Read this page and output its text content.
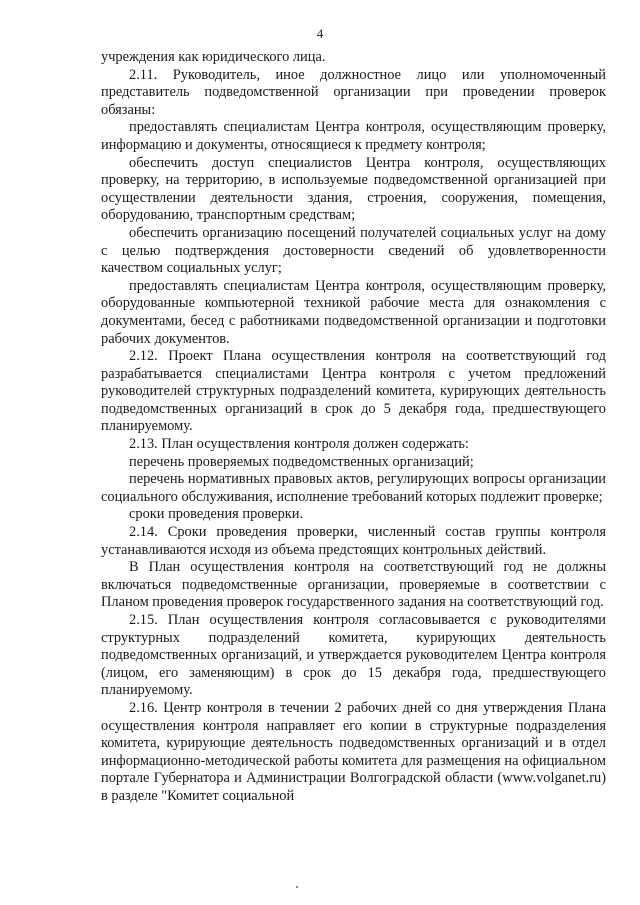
4

учреждения как юридического лица.

2.11. Руководитель, иное должностное лицо или уполномоченный представитель подведомственной организации при проведении проверок обязаны:

предоставлять специалистам Центра контроля, осуществляющим проверку, информацию и документы, относящиеся к предмету контроля;

обеспечить доступ специалистов Центра контроля, осуществляющих проверку, на территорию, в используемые подведомственной организацией при осуществлении деятельности здания, строения, сооружения, помещения, оборудованию, транспортным средствам;

обеспечить организацию посещений получателей социальных услуг на дому с целью подтверждения достоверности сведений об удовлетворенности качеством социальных услуг;

предоставлять специалистам Центра контроля, осуществляющим проверку, оборудованные компьютерной техникой рабочие места для ознакомления с документами, бесед с работниками подведомственной организации и подготовки рабочих документов.

2.12. Проект Плана осуществления контроля на соответствующий год разрабатывается специалистами Центра контроля с учетом предложений руководителей структурных подразделений комитета, курирующих деятельность подведомственных организаций в срок до 5 декабря года, предшествующего планируемому.

2.13. План осуществления контроля должен содержать:

перечень проверяемых подведомственных организаций;

перечень нормативных правовых актов, регулирующих вопросы организации социального обслуживания, исполнение требований которых подлежит проверке;

сроки проведения проверки.

2.14. Сроки проведения проверки, численный состав группы контроля устанавливаются исходя из объема предстоящих контрольных действий.

В План осуществления контроля на соответствующий год не должны включаться подведомственные организации, проверяемые в соответствии с Планом проведения проверок государственного задания на соответствующий год.

2.15. План осуществления контроля согласовывается с руководителями структурных подразделений комитета, курирующих деятельность подведомственных организаций, и утверждается руководителем Центра контроля (лицом, его заменяющим) в срок до 15 декабря года, предшествующего планируемому.

2.16. Центр контроля в течении 2 рабочих дней со дня утверждения Плана осуществления контроля направляет его копии в структурные подразделения комитета, курирующие деятельность подведомственных организаций и в отдел информационно-методической работы комитета для размещения на официальном портале Губернатора и Администрации Волгоградской области (www.volganet.ru) в разделе "Комитет социальной
